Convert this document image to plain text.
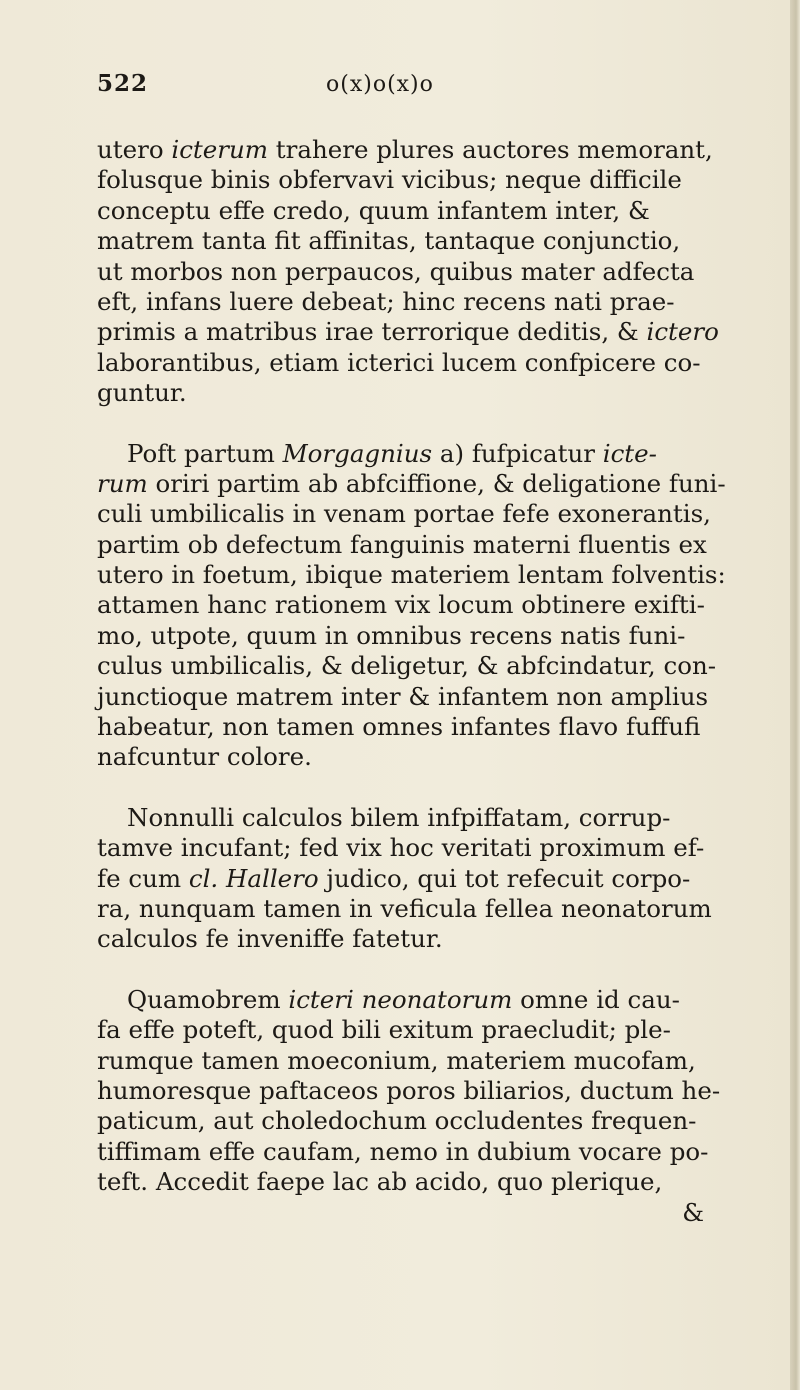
522	o(x)o(x)o
utero icterum trahere plures auctores memorant,
folusque binis obfervavi vicibus; neque difficile
conceptu effe credo, quum infantem inter, &
matrem tanta fit affinitas, tantaque conjunctio,
ut morbos non perpaucos, quibus mater adfecta
eft, infans luere debeat; hinc recens nati prae-
primis a matribus irae terrorique deditis, & ictero
laborantibus, etiam icterici lucem confpicere co-
guntur.
Poft partum Morgagnius a) fufpicatur icte-
rum oriri partim ab abfciffione, & deligatione funi-
culi umbilicalis in venam portae fefe exonerantis,
partim ob defectum fanguinis materni fluentis ex
utero in foetum, ibique materiem lentam folventis:
attamen hanc rationem vix locum obtinere exifti-
mo, utpote, quum in omnibus recens natis funi-
culus umbilicalis, & deligetur, & abfcindatur, con-
junctioque matrem inter & infantem non amplius
habeatur, non tamen omnes infantes flavo fuffufi
nafcuntur colore.
Nonnulli calculos bilem infpiffatam, corrup-
tamve incufant; fed vix hoc veritati proximum ef-
fe cum cl. Hallero judico, qui tot refecuit corpo-
ra, nunquam tamen in veficula fellea neonatorum
calculos fe inveniffe fatetur.
Quamobrem icteri neonatorum omne id cau-
fa effe poteft, quod bili exitum praecludit; ple-
rumque tamen moeconium, materiem mucofam,
humoresque paftaceos poros biliarios, ductum he-
paticum, aut choledochum occludentes frequen-
tiffimam effe caufam, nemo in dubium vocare po-
teft. Accedit faepe lac ab acido, quo plerique,
&
